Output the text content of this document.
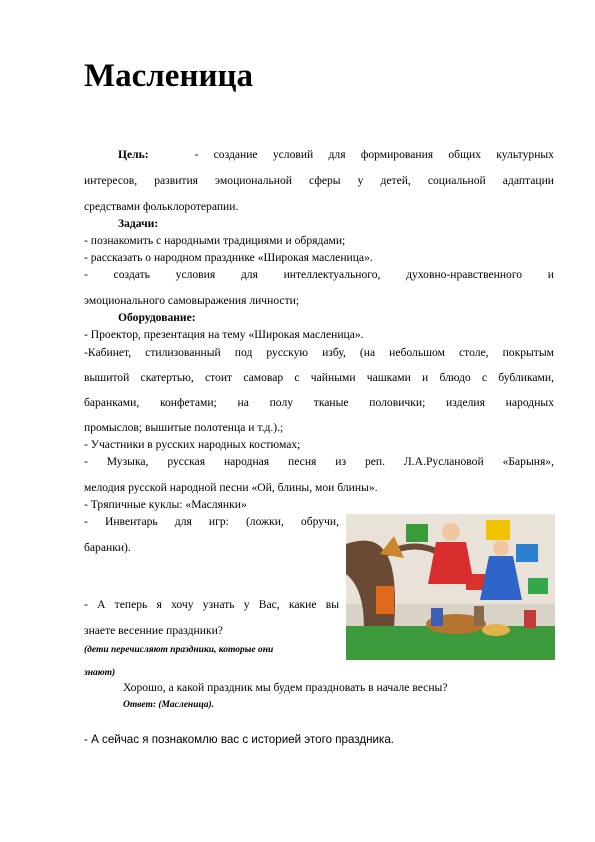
Масленица
Цель:	- создание условий для формирования общих культурных
интересов, развития эмоциональной сферы у детей, социальной адаптации
средствами фольклоротерапии.
Задачи:
- познакомить с народными традициями и обрядами;
- рассказать о народном празднике «Широкая масленица».
- создать условия для интеллектуального, духовно-нравственного и
эмоционального самовыражения личности;
Оборудование:
- Проектор, презентация на тему «Широкая масленица».
-Кабинет, стилизованный под русскую избу, (на небольшом столе, покрытым
вышитой скатертью, стоит самовар с чайными чашками и блюдо с бубликами,
баранками, конфетами; на полу тканые половички; изделия народных
промыслов; вышитые полотенца и т.д.).;
- Участники в русских народных костюмах;
- Музыка, русская народная песня из реп. Л.А.Руслановой «Барыня»,
мелодия русской народной песни «Ой, блины, мои блины».
- Тряпичные куклы: «Маслянки»
- Инвентарь для игр: (ложки, обручи,
баранки).
- А теперь я хочу узнать у Вас, какие вы
знаете весенние праздники?
(дети перечисляют праздники, которые они
знают)
Хорошо, а какой праздник мы будем праздновать в начале весны?
Ответ: (Масленица).
- А сейчас я познакомлю вас с историей этого праздника.
